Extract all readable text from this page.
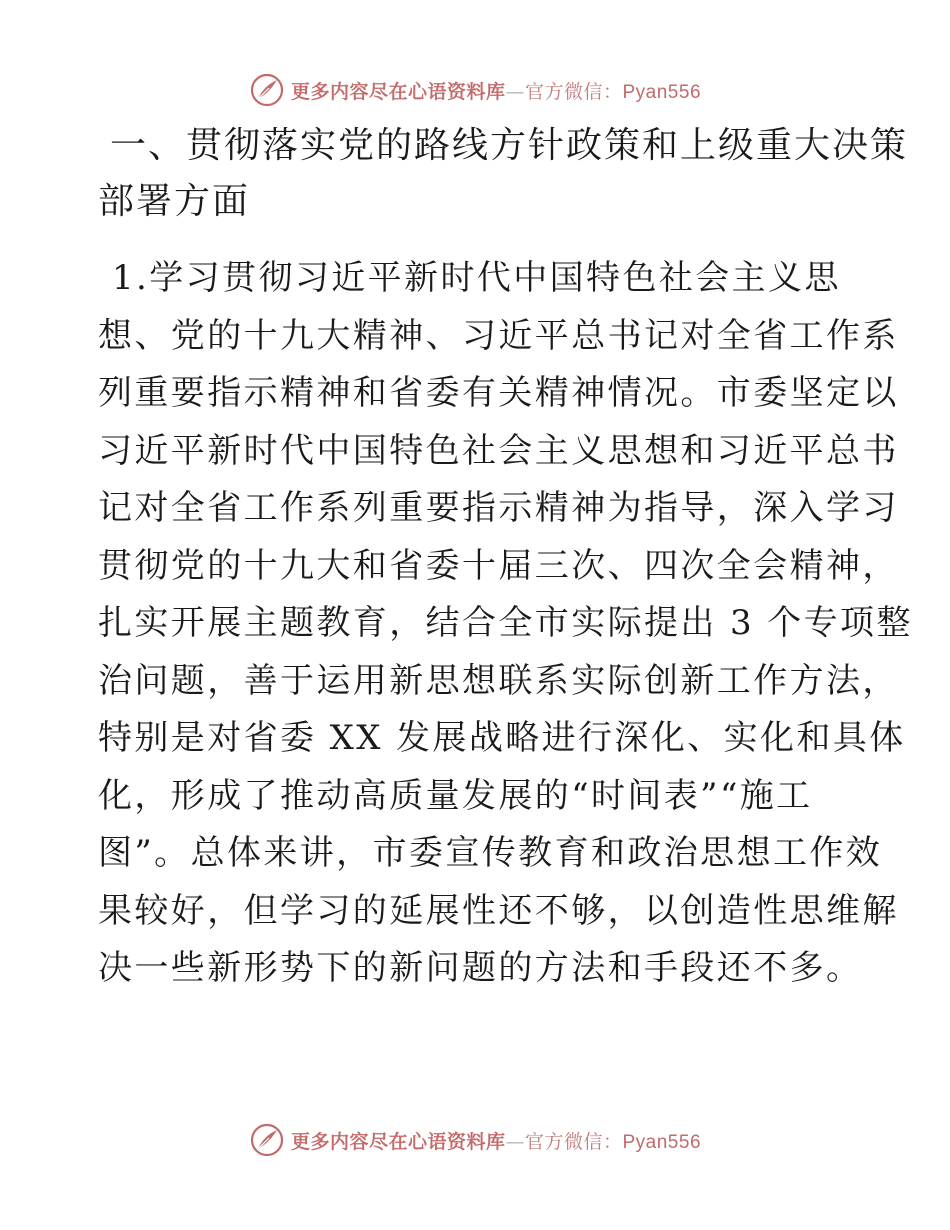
更多内容尽在心语资料库—官方微信：Pyan556
一、贯彻落实党的路线方针政策和上级重大决策
部署方面
1.学习贯彻习近平新时代中国特色社会主义思
想、党的十九大精神、习近平总书记对全省工作系
列重要指示精神和省委有关精神情况。市委坚定以
习近平新时代中国特色社会主义思想和习近平总书
记对全省工作系列重要指示精神为指导，深入学习
贯彻党的十九大和省委十届三次、四次全会精神，
扎实开展主题教育，结合全市实际提出 3 个专项整
治问题，善于运用新思想联系实际创新工作方法，
特别是对省委 XX 发展战略进行深化、实化和具体
化，形成了推动高质量发展的“时间表”“施工
图”。总体来讲，市委宣传教育和政治思想工作效
果较好，但学习的延展性还不够，以创造性思维解
决一些新形势下的新问题的方法和手段还不多。
更多内容尽在心语资料库—官方微信：Pyan556
